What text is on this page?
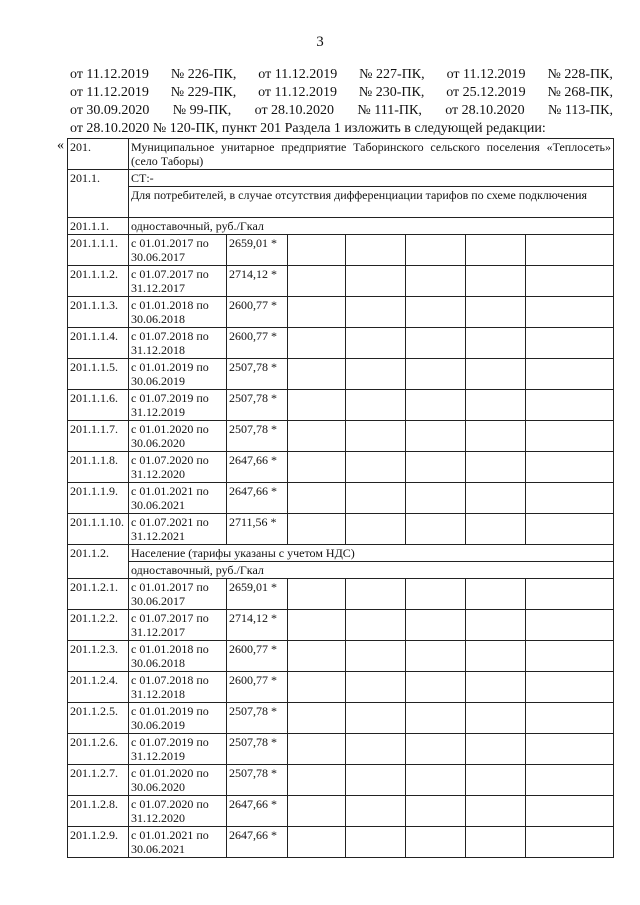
3
от 11.12.2019 № 226-ПК, от 11.12.2019 № 227-ПК, от 11.12.2019 № 228-ПК,
от 11.12.2019 № 229-ПК, от 11.12.2019 № 230-ПК, от 25.12.2019 № 268-ПК,
от 30.09.2020 № 99-ПК, от 28.10.2020 № 111-ПК, от 28.10.2020 № 113-ПК,
от 28.10.2020 № 120-ПК, пункт 201 Раздела 1 изложить в следующей редакции:
« 201.	Муниципальное унитарное предприятие Таборинского сельского поселения «Теплосеть» (село Таборы)						
201.1.	СТ:-						
	Для потребителей, в случае отсутствия дифференциации тарифов по схеме подключения						
201.1.1.	одноставочный, руб./Гкал						
201.1.1.1.	с 01.01.2017 по 30.06.2017	2659,01 *					
201.1.1.2.	с 01.07.2017 по 31.12.2017	2714,12 *					
201.1.1.3.	с 01.01.2018 по 30.06.2018	2600,77 *					
201.1.1.4.	с 01.07.2018 по 31.12.2018	2600,77 *					
201.1.1.5.	с 01.01.2019 по 30.06.2019	2507,78 *					
201.1.1.6.	с 01.07.2019 по 31.12.2019	2507,78 *					
201.1.1.7.	с 01.01.2020 по 30.06.2020	2507,78 *					
201.1.1.8.	с 01.07.2020 по 31.12.2020	2647,66 *					
201.1.1.9.	с 01.01.2021 по 30.06.2021	2647,66 *					
201.1.1.10.	с 01.07.2021 по 31.12.2021	2711,56 *					
201.1.2.	Население (тарифы указаны с учетом НДС)						
	одноставочный, руб./Гкал						
201.1.2.1.	с 01.01.2017 по 30.06.2017	2659,01 *					
201.1.2.2.	с 01.07.2017 по 31.12.2017	2714,12 *					
201.1.2.3.	с 01.01.2018 по 30.06.2018	2600,77 *					
201.1.2.4.	с 01.07.2018 по 31.12.2018	2600,77 *					
201.1.2.5.	с 01.01.2019 по 30.06.2019	2507,78 *					
201.1.2.6.	с 01.07.2019 по 31.12.2019	2507,78 *					
201.1.2.7.	с 01.01.2020 по 30.06.2020	2507,78 *					
201.1.2.8.	с 01.07.2020 по 31.12.2020	2647,66 *					
201.1.2.9.	с 01.01.2021 по 30.06.2021	2647,66 *					
